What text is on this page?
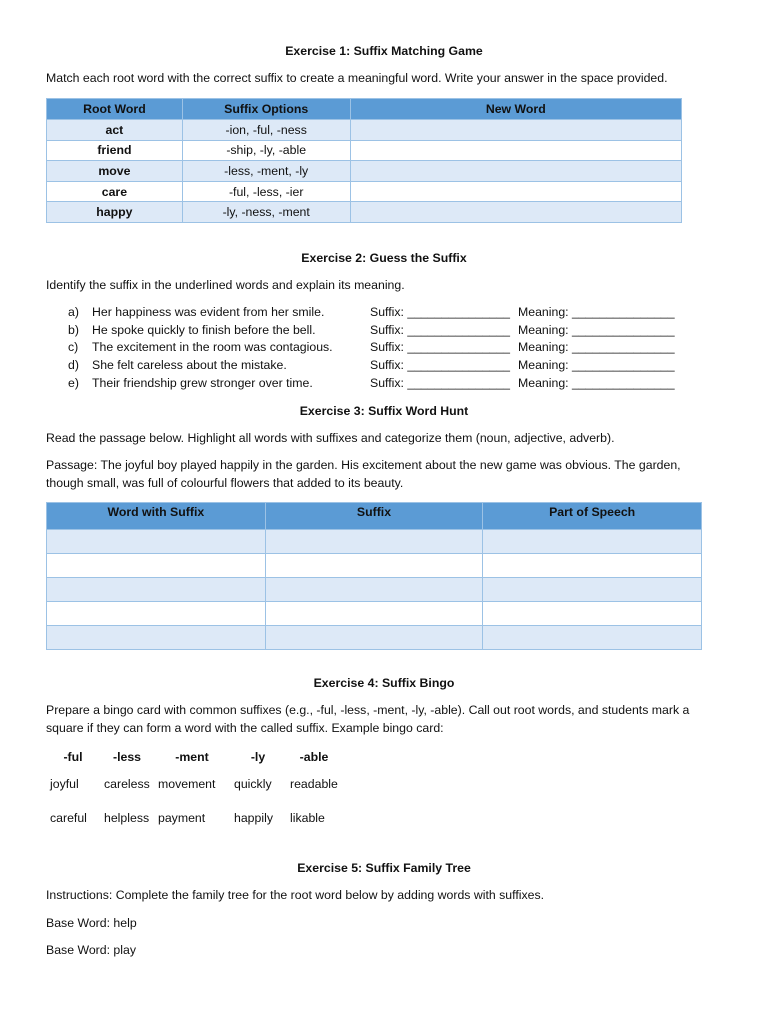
Exercise 1: Suffix Matching Game

Match each root word with the correct suffix to create a meaningful word. Write your answer in the space provided.

Root Word	Suffix Options	New Word
act	-ion, -ful, -ness	
friend	-ship, -ly, -able	
move	-less, -ment, -ly	
care	-ful, -less, -ier	
happy	-ly, -ness, -ment	
Exercise 2: Guess the Suffix

Identify the suffix in the underlined words and explain its meaning.

a)	Her happiness was evident from her smile.	Suffix: _______________ Meaning: _______________
b)	He spoke quickly to finish before the bell.	Suffix: _______________ Meaning: _______________
c)	The excitement in the room was contagious.	Suffix: _______________ Meaning: _______________
d)	She felt careless about the mistake.	Suffix: _______________ Meaning: _______________
e)	Their friendship grew stronger over time.	Suffix: _______________ Meaning: _______________
Exercise 3: Suffix Word Hunt

Read the passage below. Highlight all words with suffixes and categorize them (noun, adjective, adverb).

Passage: The joyful boy played happily in the garden. His excitement about the new game was obvious. The garden, though small, was full of colourful flowers that added to its beauty.

Word with Suffix	Suffix	Part of Speech

Exercise 4: Suffix Bingo

Prepare a bingo card with common suffixes (e.g., -ful, -less, -ment, -ly, -able). Call out root words, and students mark a square if they can form a word with the called suffix. Example bingo card:

-ful	-less	-ment	-ly	-able
joyful	careless	movement	quickly	readable
careful	helpless	payment	happily	likable
Exercise 5: Suffix Family Tree

Instructions: Complete the family tree for the root word below by adding words with suffixes.

Base Word: help

Base Word: play
